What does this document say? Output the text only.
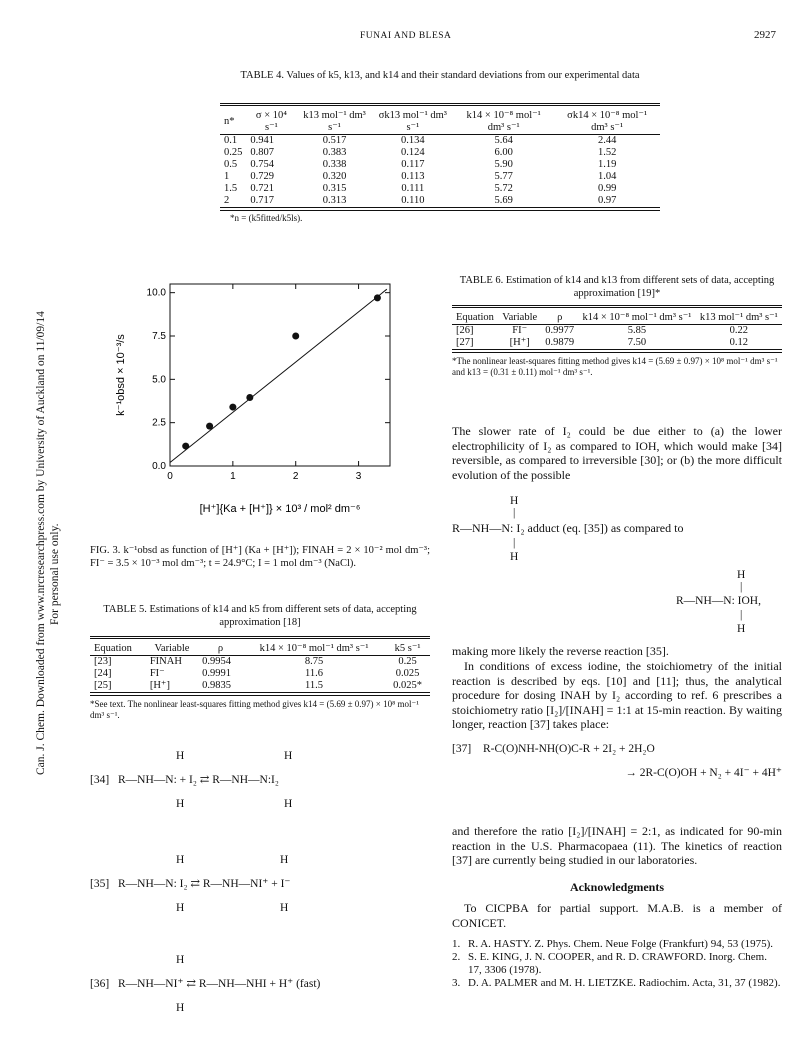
FUNAI AND BLESA	2927
Can. J. Chem. Downloaded from www.nrcresearchpress.com by University of Auckland on 11/09/14 For personal use only.
TABLE 4. Values of k5, k13, and k14 and their standard deviations from our experimental data

n*	σ × 10⁴ s⁻¹	k13 mol⁻¹ dm³ s⁻¹	σk13 mol⁻¹ dm³ s⁻¹	k14 × 10⁻⁸ mol⁻¹ dm³ s⁻¹	σk14 × 10⁻⁸ mol⁻¹ dm³ s⁻¹
0.1	0.941	0.517	0.134	5.64	2.44
0.25	0.807	0.383	0.124	6.00	1.52
0.5	0.754	0.338	0.117	5.90	1.19
1	0.729	0.320	0.113	5.77	1.04
1.5	0.721	0.315	0.111	5.72	0.99
2	0.717	0.313	0.110	5.69	0.97
*n = (k5fitted/k5ls).
0	1	2	3
0.0
2.5
5.0
7.5
10.0
[H⁺]{Ka + [H⁺]} × 10³ / mol² dm⁻⁶
k⁻¹obsd × 10⁻³/s
FIG. 3. k⁻¹obsd as function of [H⁺] (Ka + [H⁺]); FINAH = 2 × 10⁻² mol dm⁻³; FI⁻ = 3.5 × 10⁻³ mol dm⁻³; t = 24.9°C; I = 1 mol dm⁻³ (NaCl).
TABLE 5. Estimations of k14 and k5 from different sets of data, accepting approximation [18]

Equation	Variable	ρ	k14 × 10⁻⁸ mol⁻¹ dm³ s⁻¹	k5 s⁻¹
[23]	FINAH	0.9954	8.75	0.25
[24]	FI⁻	0.9991	11.6	0.025
[25]	[H⁺]	0.9835	11.5	0.025*
*See text. The nonlinear least-squares fitting method gives k14 = (5.69 ± 0.97) × 10⁸ mol⁻¹ dm³ s⁻¹.
H	H
[34] R—NH—N: + I₂ ⇄ R—NH—N:I₂
H	H
H	H
[35] R—NH—N: I₂ ⇄ R—NH—NI⁺ + I⁻
H	H
H
[36] R—NH—NI⁺ ⇄ R—NH—NHI + H⁺ (fast)
H
TABLE 6. Estimation of k14 and k13 from different sets of data, accepting approximation [19]*

Equation	Variable	ρ	k14 × 10⁻⁸ mol⁻¹ dm³ s⁻¹	k13 mol⁻¹ dm³ s⁻¹
[26]	FI⁻	0.9977	5.85	0.22
[27]	[H⁺]	0.9879	7.50	0.12
*The nonlinear least-squares fitting method gives k14 = (5.69 ± 0.97) × 10⁸ mol⁻¹ dm³ s⁻¹ and k13 = (0.31 ± 0.11) mol⁻¹ dm³ s⁻¹.
The slower rate of I₂ could be due either to (a) the lower electrophilicity of I₂ as compared to IOH, which would make [34] reversible, as compared to irreversible [30]; or (b) the more difficult evolution of the possible
H
|
R—NH—N: I₂ adduct (eq. [35]) as compared to
|
H
H
|
R—NH—N: IOH,
|
H
making more likely the reverse reaction [35].
In conditions of excess iodine, the stoichiometry of the initial reaction is described by eqs. [10] and [11]; thus, the analytical procedure for dosing INAH by I₂ according to ref. 6 prescribes a stoichiometry ratio [I₂]/[INAH] = 1:1 at 15-min reaction. By waiting longer, reaction [37] takes place:
[37] R-C(O)NH-NH(O)C-R + 2I₂ + 2H₂O
→ 2R-C(O)OH + N₂ + 4I⁻ + 4H⁺
and therefore the ratio [I₂]/[INAH] = 2:1, as indicated for 90-min reaction in the U.S. Pharmacopaea (11). The kinetics of reaction [37] are currently being studied in our laboratories.
Acknowledgments
To CICPBA for partial support. M.A.B. is a member of CONICET.
1. R. A. HASTY. Z. Phys. Chem. Neue Folge (Frankfurt) 94, 53 (1975).
2. S. E. KING, J. N. COOPER, and R. D. CRAWFORD. Inorg. Chem. 17, 3306 (1978).
3. D. A. PALMER and M. H. LIETZKE. Radiochim. Acta, 31, 37 (1982).
